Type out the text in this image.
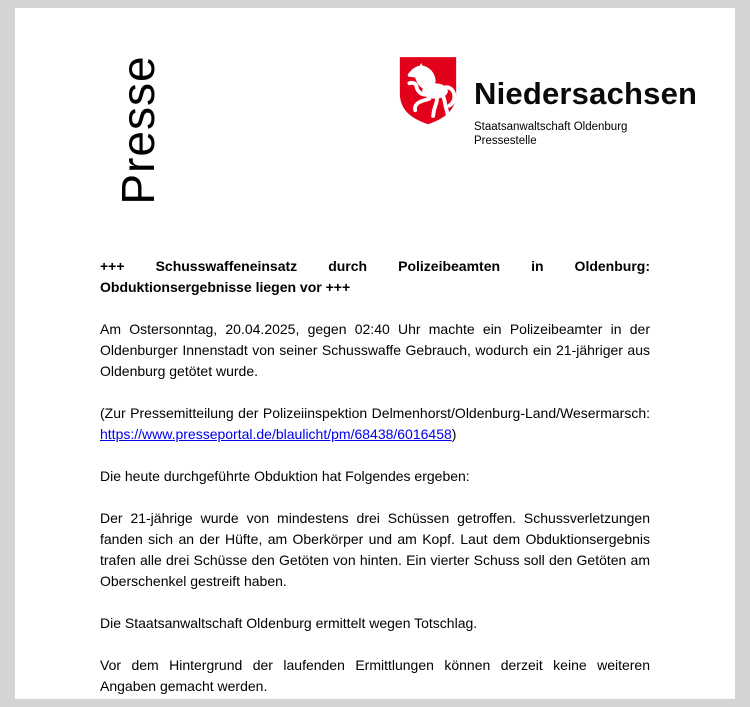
Presse	Niedersachsen
Staatsanwaltschaft Oldenburg
Pressestelle

+++ Schusswaffeneinsatz durch Polizeibeamten in Oldenburg: Obduktionsergebnisse liegen vor +++

Am Ostersonntag, 20.04.2025, gegen 02:40 Uhr machte ein Polizeibeamter in der Oldenburger Innenstadt von seiner Schusswaffe Gebrauch, wodurch ein 21-jähriger aus Oldenburg getötet wurde.

(Zur Pressemitteilung der Polizeiinspektion Delmenhorst/Oldenburg-Land/Wesermarsch: https://www.presseportal.de/blaulicht/pm/68438/6016458)

Die heute durchgeführte Obduktion hat Folgendes ergeben:

Der 21-jährige wurde von mindestens drei Schüssen getroffen. Schussverletzungen fanden sich an der Hüfte, am Oberkörper und am Kopf. Laut dem Obduktionsergebnis trafen alle drei Schüsse den Getöten von hinten. Ein vierter Schuss soll den Getöten am Oberschenkel gestreift haben.

Die Staatsanwaltschaft Oldenburg ermittelt wegen Totschlag.

Vor dem Hintergrund der laufenden Ermittlungen können derzeit keine weiteren Angaben gemacht werden.
